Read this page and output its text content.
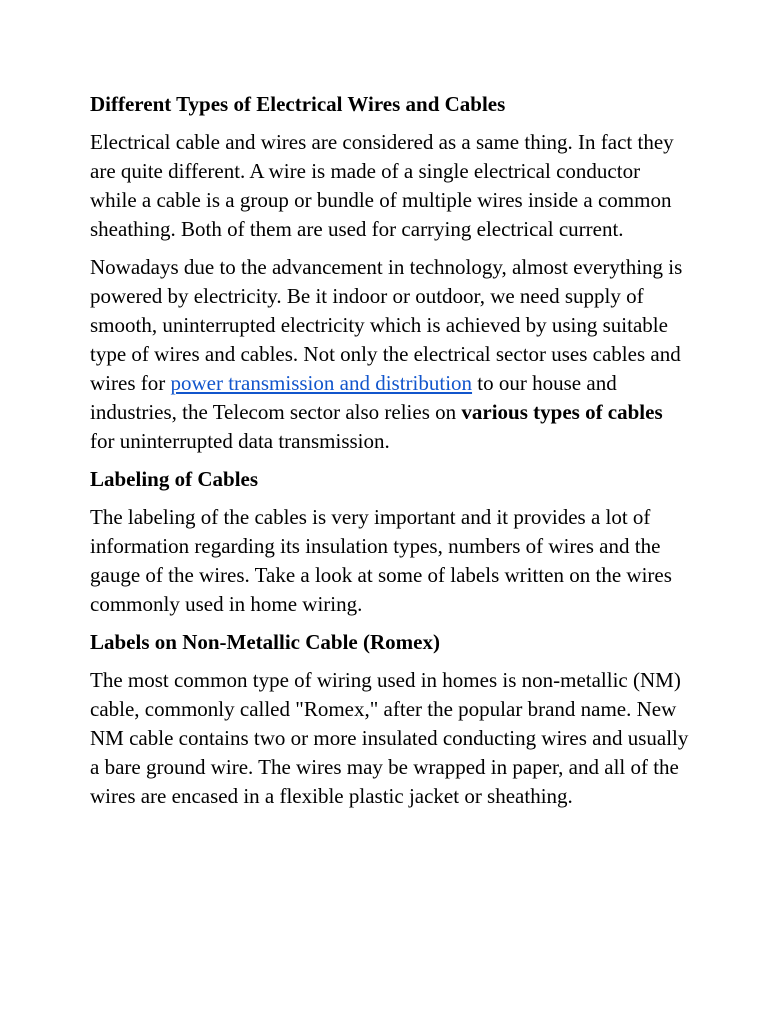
Different Types of Electrical Wires and Cables
Electrical cable and wires are considered as a same thing. In fact they are quite different. A wire is made of a single electrical conductor while a cable is a group or bundle of multiple wires inside a common sheathing. Both of them are used for carrying electrical current.
Nowadays due to the advancement in technology, almost everything is powered by electricity. Be it indoor or outdoor, we need supply of smooth, uninterrupted electricity which is achieved by using suitable type of wires and cables. Not only the electrical sector uses cables and wires for power transmission and distribution to our house and industries, the Telecom sector also relies on various types of cables for uninterrupted data transmission.
Labeling of Cables
The labeling of the cables is very important and it provides a lot of information regarding its insulation types, numbers of wires and the gauge of the wires. Take a look at some of labels written on the wires commonly used in home wiring.
Labels on Non-Metallic Cable (Romex)
The most common type of wiring used in homes is non-metallic (NM) cable, commonly called "Romex," after the popular brand name. New NM cable contains two or more insulated conducting wires and usually a bare ground wire. The wires may be wrapped in paper, and all of the wires are encased in a flexible plastic jacket or sheathing.
